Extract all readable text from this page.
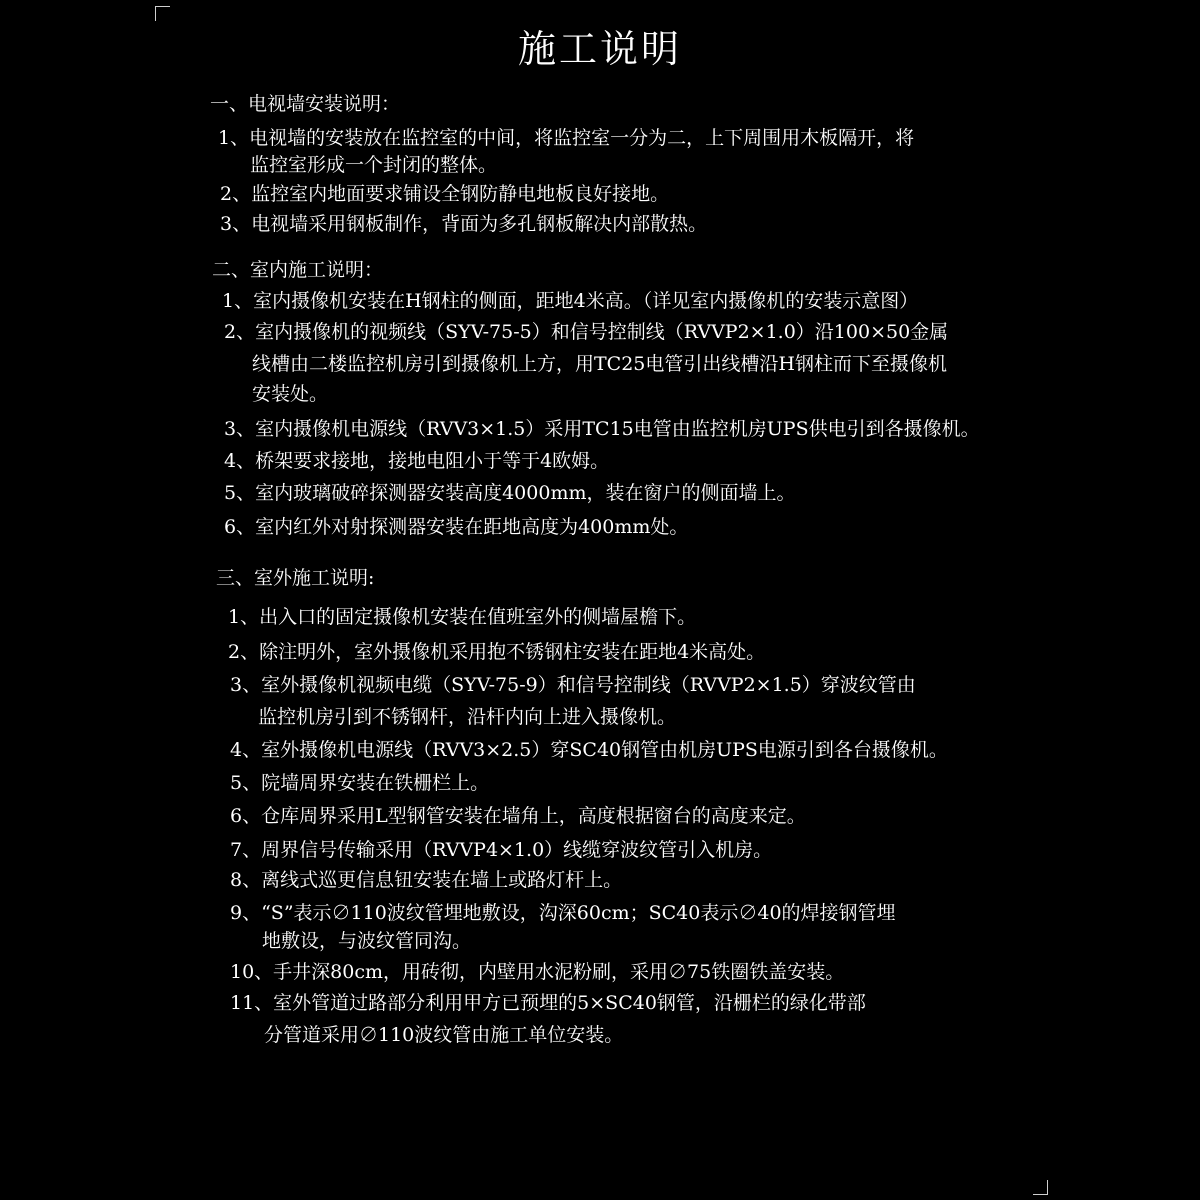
施工说明
一、电视墙安装说明：
1、电视墙的安装放在监控室的中间，将监控室一分为二，上下周围用木板隔开，将
监控室形成一个封闭的整体。
2、监控室内地面要求铺设全钢防静电地板良好接地。
3、电视墙采用钢板制作，背面为多孔钢板解决内部散热。
二、室内施工说明：
1、室内摄像机安装在H钢柱的侧面，距地4米高。（详见室内摄像机的安装示意图）
2、室内摄像机的视频线（SYV-75-5）和信号控制线（RVVP2×1.0）沿100×50金属
线槽由二楼监控机房引到摄像机上方，用TC25电管引出线槽沿H钢柱而下至摄像机
安装处。
3、室内摄像机电源线（RVV3×1.5）采用TC15电管由监控机房UPS供电引到各摄像机。
4、桥架要求接地，接地电阻小于等于4欧姆。
5、室内玻璃破碎探测器安装高度4000mm，装在窗户的侧面墙上。
6、室内红外对射探测器安装在距地高度为400mm处。
三、室外施工说明:
1、出入口的固定摄像机安装在值班室外的侧墙屋檐下。
2、除注明外，室外摄像机采用抱不锈钢柱安装在距地4米高处。
3、室外摄像机视频电缆（SYV-75-9）和信号控制线（RVVP2×1.5）穿波纹管由
监控机房引到不锈钢杆，沿杆内向上进入摄像机。
4、室外摄像机电源线（RVV3×2.5）穿SC40钢管由机房UPS电源引到各台摄像机。
5、院墙周界安装在铁栅栏上。
6、仓库周界采用L型钢管安装在墙角上，高度根据窗台的高度来定。
7、周界信号传输采用（RVVP4×1.0）线缆穿波纹管引入机房。
8、离线式巡更信息钮安装在墙上或路灯杆上。
9、“S”表示∅110波纹管埋地敷设，沟深60cm；SC40表示∅40的焊接钢管埋
地敷设，与波纹管同沟。
10、手井深80cm，用砖彻，内壁用水泥粉刷，采用∅75铁圈铁盖安装。
11、室外管道过路部分利用甲方已预埋的5×SC40钢管，沿栅栏的绿化带部
分管道采用∅110波纹管由施工单位安装。
